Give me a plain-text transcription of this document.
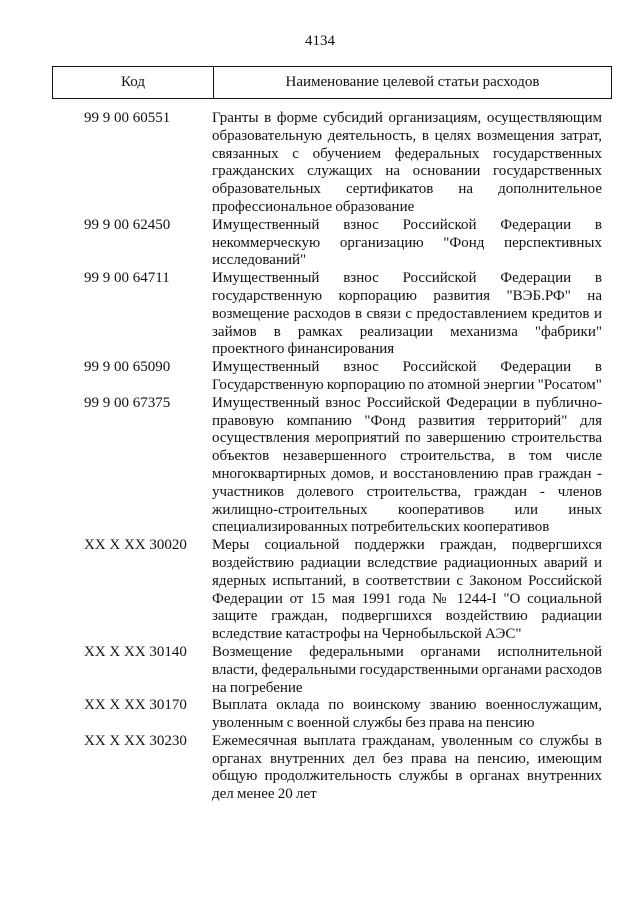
4134
Код	Наименование целевой статьи расходов
99 9 00 60551	Гранты в форме субсидий организациям, осуществляющим образовательную деятельность, в целях возмещения затрат, связанных с обучением федеральных государственных гражданских служащих на основании государственных образовательных сертификатов на дополнительное профессиональное образование
99 9 00 62450	Имущественный взнос Российской Федерации в некоммерческую организацию "Фонд перспективных исследований"
99 9 00 64711	Имущественный взнос Российской Федерации в государственную корпорацию развития "ВЭБ.РФ" на возмещение расходов в связи с предоставлением кредитов и займов в рамках реализации механизма "фабрики" проектного финансирования
99 9 00 65090	Имущественный взнос Российской Федерации в Государственную корпорацию по атомной энергии "Росатом"
99 9 00 67375	Имущественный взнос Российской Федерации в публично-правовую компанию "Фонд развития территорий" для осуществления мероприятий по завершению строительства объектов незавершенного строительства, в том числе многоквартирных домов, и восстановлению прав граждан - участников долевого строительства, граждан - членов жилищно-строительных кооперативов или иных специализированных потребительских кооперативов
XX X XX 30020	Меры социальной поддержки граждан, подвергшихся воздействию радиации вследствие радиационных аварий и ядерных испытаний, в соответствии с Законом Российской Федерации от 15 мая 1991 года № 1244-I "О социальной защите граждан, подвергшихся воздействию радиации вследствие катастрофы на Чернобыльской АЭС"
XX X XX 30140	Возмещение федеральными органами исполнительной власти, федеральными государственными органами расходов на погребение
XX X XX 30170	Выплата оклада по воинскому званию военнослужащим, уволенным с военной службы без права на пенсию
XX X XX 30230	Ежемесячная выплата гражданам, уволенным со службы в органах внутренних дел без права на пенсию, имеющим общую продолжительность службы в органах внутренних дел менее 20 лет
